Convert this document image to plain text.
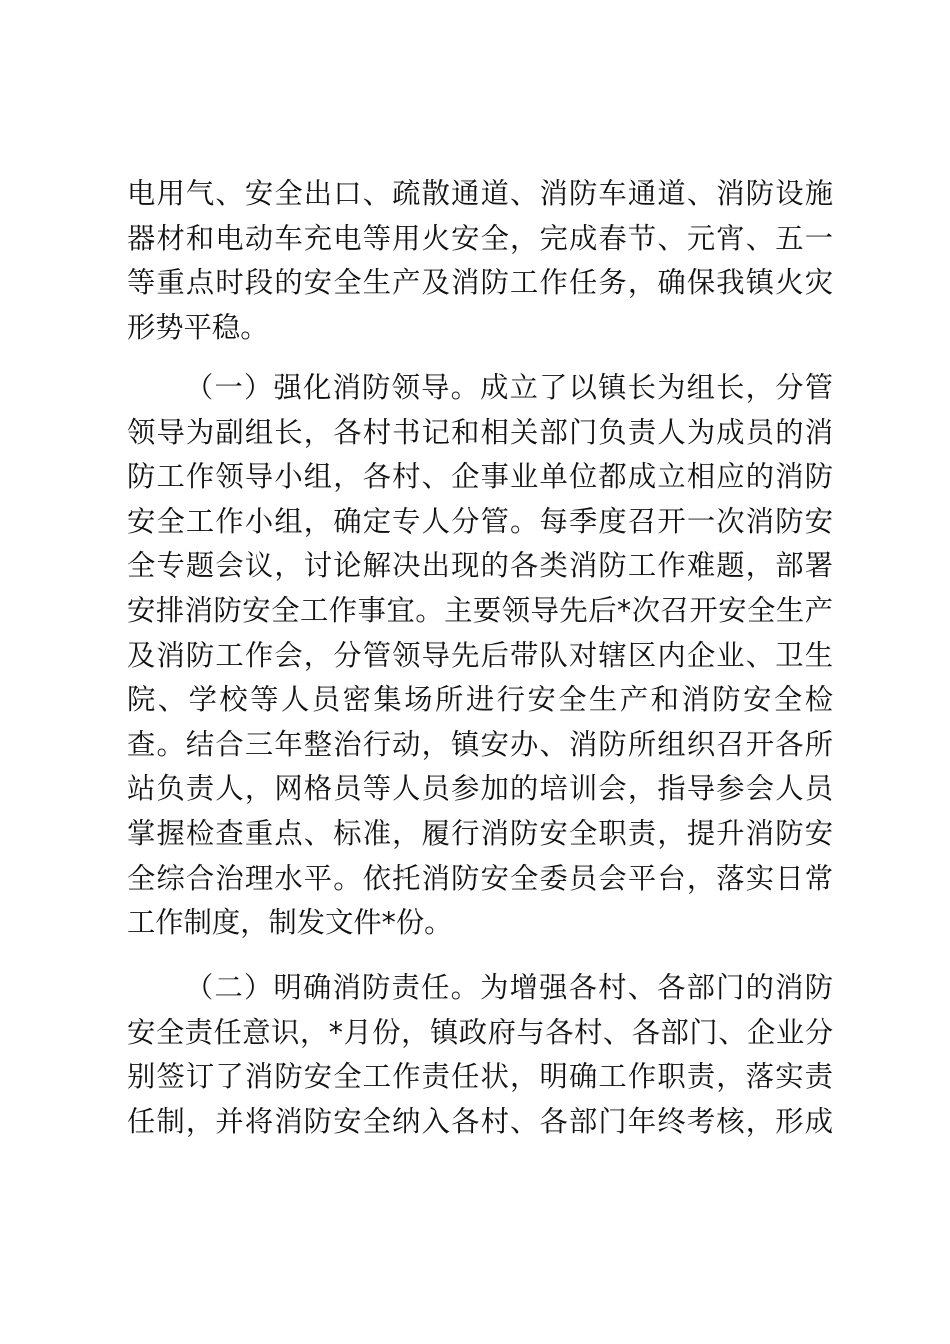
电用气、安全出口、疏散通道、消防车通道、消防设施
器材和电动车充电等用火安全，完成春节、元宵、五一
等重点时段的安全生产及消防工作任务，确保我镇火灾
形势平稳。
（一）强化消防领导。成立了以镇长为组长，分管
领导为副组长，各村书记和相关部门负责人为成员的消
防工作领导小组，各村、企事业单位都成立相应的消防
安全工作小组，确定专人分管。每季度召开一次消防安
全专题会议，讨论解决出现的各类消防工作难题，部署
安排消防安全工作事宜。主要领导先后*次召开安全生产
及消防工作会，分管领导先后带队对辖区内企业、卫生
院、学校等人员密集场所进行安全生产和消防安全检
查。结合三年整治行动，镇安办、消防所组织召开各所
站负责人，网格员等人员参加的培训会，指导参会人员
掌握检查重点、标准，履行消防安全职责，提升消防安
全综合治理水平。依托消防安全委员会平台，落实日常
工作制度，制发文件*份。
（二）明确消防责任。为增强各村、各部门的消防
安全责任意识，*月份，镇政府与各村、各部门、企业分
别签订了消防安全工作责任状，明确工作职责，落实责
任制，并将消防安全纳入各村、各部门年终考核，形成
